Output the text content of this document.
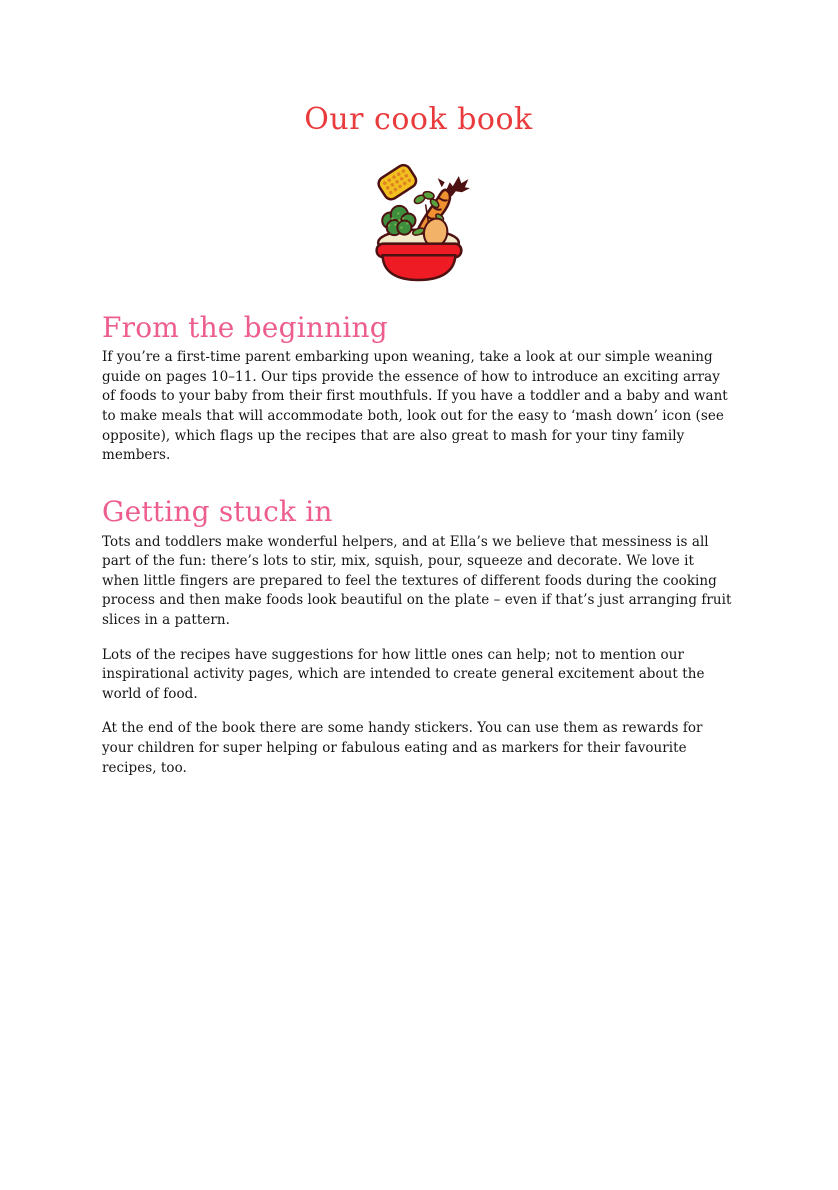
Our cook book
From the beginning

If you’re a first-time parent embarking upon weaning, take a look at our simple weaning guide on pages 10–11. Our tips provide the essence of how to introduce an exciting array of foods to your baby from their first mouthfuls. If you have a toddler and a baby and want to make meals that will accommodate both, look out for the easy to ‘mash down’ icon (see opposite), which flags up the recipes that are also great to mash for your tiny family members.

Getting stuck in

Tots and toddlers make wonderful helpers, and at Ella’s we believe that messiness is all part of the fun: there’s lots to stir, mix, squish, pour, squeeze and decorate. We love it when little fingers are prepared to feel the textures of different foods during the cooking process and then make foods look beautiful on the plate – even if that’s just arranging fruit slices in a pattern.

Lots of the recipes have suggestions for how little ones can help; not to mention our inspirational activity pages, which are intended to create general excitement about the world of food.

At the end of the book there are some handy stickers. You can use them as rewards for your children for super helping or fabulous eating and as markers for their favourite recipes, too.
